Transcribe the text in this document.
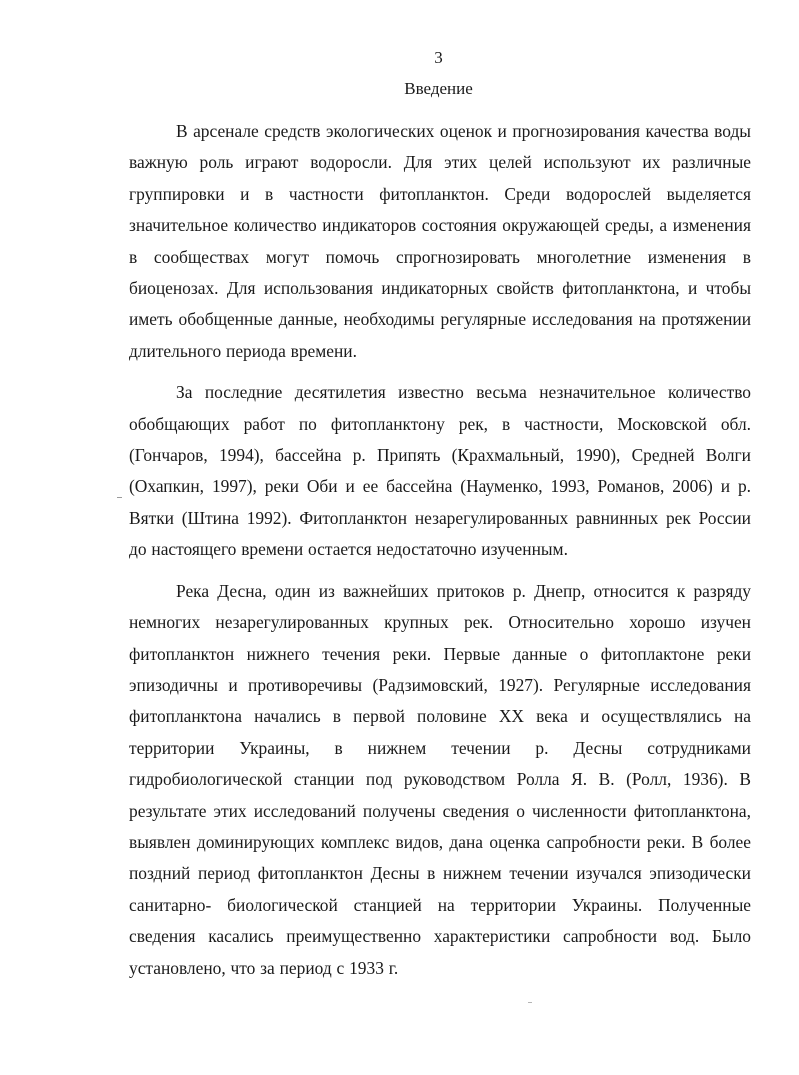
3
Введение

В арсенале средств экологических оценок и прогнозирования качества воды важную роль играют водоросли. Для этих целей используют их различные группировки и в частности фитопланктон. Среди водорослей выделяется значительное количество индикаторов состояния окружающей среды, а изменения в сообществах могут помочь спрогнозировать многолетние изменения в биоценозах. Для использования индикаторных свойств фитопланктона, и чтобы иметь обобщенные данные, необходимы регулярные исследования на протяжении длительного периода времени.

За последние десятилетия известно весьма незначительное количество обобщающих работ по фитопланктону рек, в частности, Московской обл. (Гончаров, 1994), бассейна р. Припять (Крахмальный, 1990), Средней Волги (Охапкин, 1997), реки Оби и ее бассейна (Науменко, 1993, Романов, 2006) и р. Вятки (Штина 1992). Фитопланктон незарегулированных равнинных рек России до настоящего времени остается недостаточно изученным.

Река Десна, один из важнейших притоков р. Днепр, относится к разряду немногих незарегулированных крупных рек. Относительно хорошо изучен фитопланктон нижнего течения реки. Первые данные о фитоплактоне реки эпизодичны и противоречивы (Радзимовский, 1927). Регулярные исследования фитопланктона начались в первой половине XX века и осуществлялись на территории Украины, в нижнем течении р. Десны сотрудниками гидробиологической станции под руководством Ролла Я. В. (Ролл, 1936). В результате этих исследований получены сведения о численности фитопланктона, выявлен доминирующих комплекс видов, дана оценка сапробности реки. В более поздний период фитопланктон Десны в нижнем течении изучался эпизодически санитарно- биологической станцией на территории Украины. Полученные сведения касались преимущественно характеристики сапробности вод. Было установлено, что за период с 1933 г.
